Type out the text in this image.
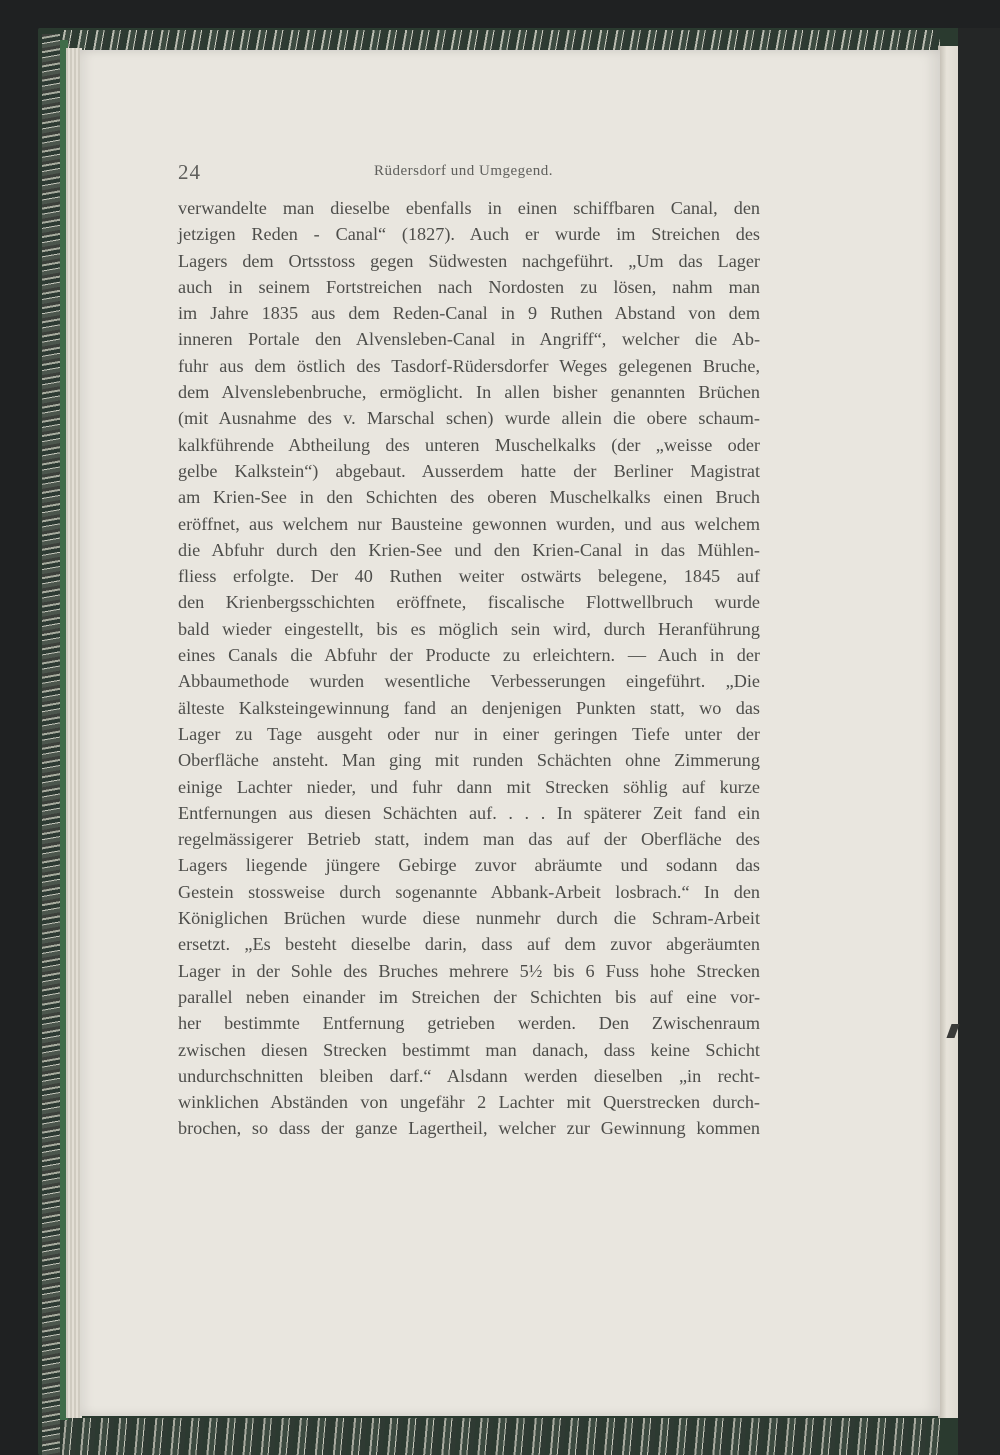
24	Rüdersdorf und Umgegend.
verwandelte man dieselbe ebenfalls in einen schiffbaren Canal, den
jetzigen Reden - Canal“ (1827). Auch er wurde im Streichen des
Lagers dem Ortsstoss gegen Südwesten nachgeführt. „Um das Lager
auch in seinem Fortstreichen nach Nordosten zu lösen, nahm man
im Jahre 1835 aus dem Reden-Canal in 9 Ruthen Abstand von dem
inneren Portale den Alvensleben-Canal in Angriff“, welcher die Ab-
fuhr aus dem östlich des Tasdorf-Rüdersdorfer Weges gelegenen Bruche,
dem Alvenslebenbruche, ermöglicht. In allen bisher genannten Brüchen
(mit Ausnahme des v. Marschal schen) wurde allein die obere schaum-
kalkführende Abtheilung des unteren Muschelkalks (der „weisse oder
gelbe Kalkstein“) abgebaut. Ausserdem hatte der Berliner Magistrat
am Krien-See in den Schichten des oberen Muschelkalks einen Bruch
eröffnet, aus welchem nur Bausteine gewonnen wurden, und aus welchem
die Abfuhr durch den Krien-See und den Krien-Canal in das Mühlen-
fliess erfolgte. Der 40 Ruthen weiter ostwärts belegene, 1845 auf
den Krienbergsschichten eröffnete, fiscalische Flottwellbruch wurde
bald wieder eingestellt, bis es möglich sein wird, durch Heranführung
eines Canals die Abfuhr der Producte zu erleichtern. — Auch in der
Abbaumethode wurden wesentliche Verbesserungen eingeführt. „Die
älteste Kalksteingewinnung fand an denjenigen Punkten statt, wo das
Lager zu Tage ausgeht oder nur in einer geringen Tiefe unter der
Oberfläche ansteht. Man ging mit runden Schächten ohne Zimmerung
einige Lachter nieder, und fuhr dann mit Strecken söhlig auf kurze
Entfernungen aus diesen Schächten auf. . . . In späterer Zeit fand ein
regelmässigerer Betrieb statt, indem man das auf der Oberfläche des
Lagers liegende jüngere Gebirge zuvor abräumte und sodann das
Gestein stossweise durch sogenannte Abbank-Arbeit losbrach.“ In den
Königlichen Brüchen wurde diese nunmehr durch die Schram-Arbeit
ersetzt. „Es besteht dieselbe darin, dass auf dem zuvor abgeräumten
Lager in der Sohle des Bruches mehrere 5½ bis 6 Fuss hohe Strecken
parallel neben einander im Streichen der Schichten bis auf eine vor-
her bestimmte Entfernung getrieben werden. Den Zwischenraum
zwischen diesen Strecken bestimmt man danach, dass keine Schicht
undurchschnitten bleiben darf.“ Alsdann werden dieselben „in recht-
winklichen Abständen von ungefähr 2 Lachter mit Querstrecken durch-
brochen, so dass der ganze Lagertheil, welcher zur Gewinnung kommen
